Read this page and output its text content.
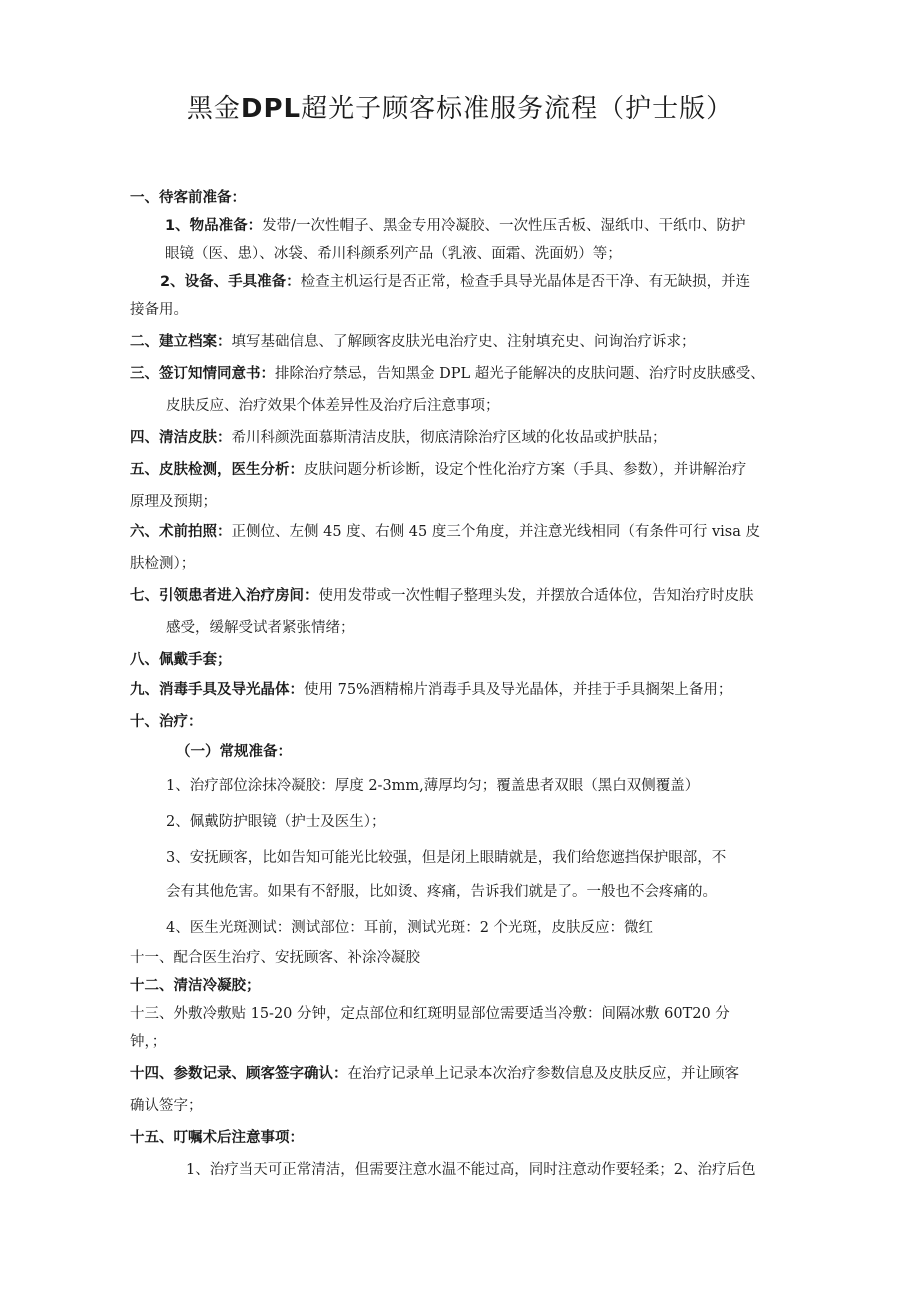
黑金DPL超光子顾客标准服务流程（护士版）
一、待客前准备：
1、物品准备：发带/一次性帽子、黑金专用冷凝胶、一次性压舌板、湿纸巾、干纸巾、防护
眼镜（医、患）、冰袋、希川科颜系列产品（乳液、面霜、洗面奶）等；
2、设备、手具准备：检查主机运行是否正常，检查手具导光晶体是否干净、有无缺损，并连
接备用。
二、建立档案：填写基础信息、了解顾客皮肤光电治疗史、注射填充史、问询治疗诉求；
三、签订知情同意书：排除治疗禁忌，告知黑金 DPL 超光子能解决的皮肤问题、治疗时皮肤感受、
皮肤反应、治疗效果个体差异性及治疗后注意事项；
四、清洁皮肤：希川科颜洗面慕斯清洁皮肤，彻底清除治疗区域的化妆品或护肤品；
五、皮肤检测，医生分析：皮肤问题分析诊断，设定个性化治疗方案（手具、参数），并讲解治疗
原理及预期；
六、术前拍照：正侧位、左侧 45 度、右侧 45 度三个角度，并注意光线相同（有条件可行 visa 皮
肤检测）；
七、引领患者进入治疗房间：使用发带或一次性帽子整理头发，并摆放合适体位，告知治疗时皮肤
感受，缓解受试者紧张情绪；
八、佩戴手套；
九、消毒手具及导光晶体：使用 75%酒精棉片消毒手具及导光晶体，并挂于手具搁架上备用；
十、治疗：
（一）常规准备：
1、治疗部位涂抹冷凝胶：厚度 2-3mm,薄厚均匀；覆盖患者双眼（黑白双侧覆盖）
2、佩戴防护眼镜（护士及医生）；
3、安抚顾客，比如告知可能光比较强，但是闭上眼睛就是，我们给您遮挡保护眼部，不
会有其他危害。如果有不舒服，比如烫、疼痛，告诉我们就是了。一般也不会疼痛的。
4、医生光斑测试：测试部位：耳前，测试光斑：2 个光斑，皮肤反应：微红
十一、配合医生治疗、安抚顾客、补涂冷凝胶
十二、清洁冷凝胶；
十三、外敷冷敷贴 15-20 分钟，定点部位和红斑明显部位需要适当冷敷：间隔冰敷 60T20 分
钟，；
十四、参数记录、顾客签字确认：在治疗记录单上记录本次治疗参数信息及皮肤反应，并让顾客
确认签字；
十五、叮嘱术后注意事项：
1、治疗当天可正常清洁，但需要注意水温不能过高，同时注意动作要轻柔；2、治疗后色
